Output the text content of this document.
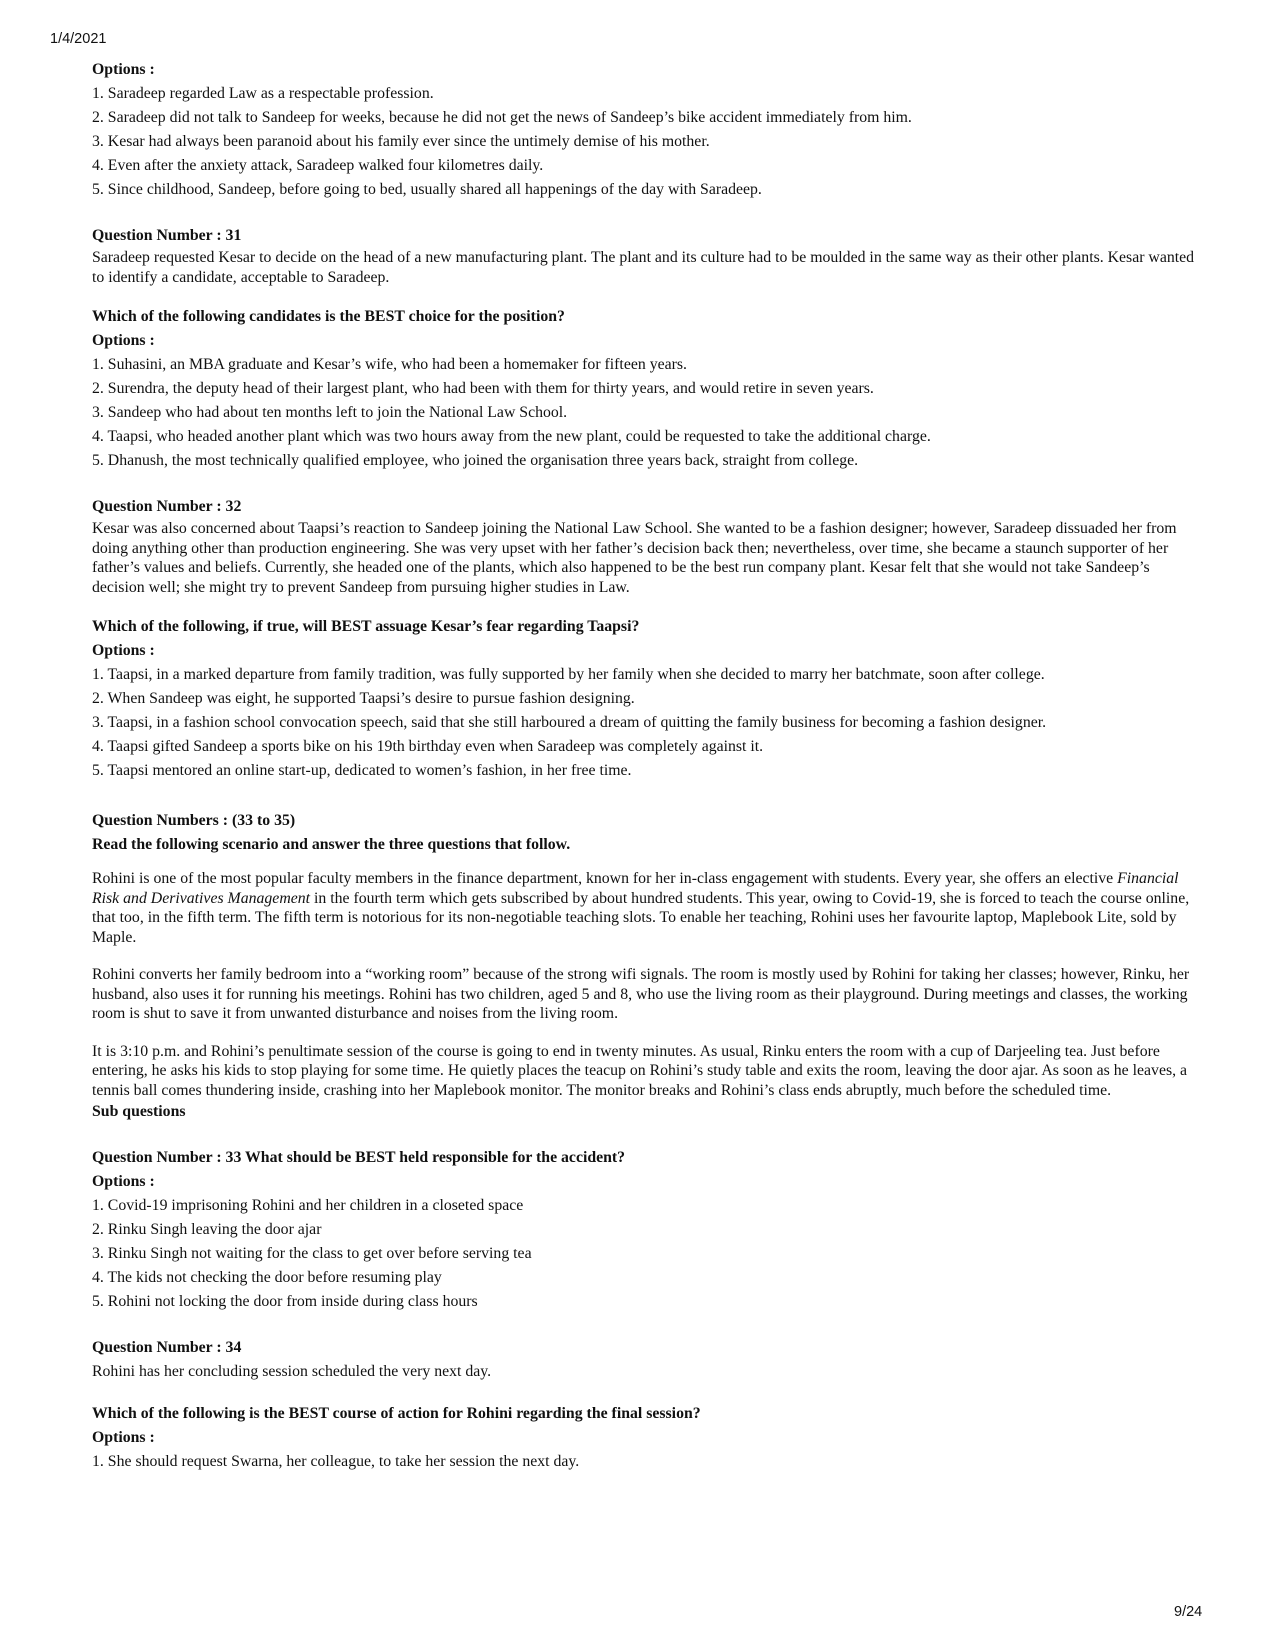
1/4/2021
Options :
1. Saradeep regarded Law as a respectable profession.
2. Saradeep did not talk to Sandeep for weeks, because he did not get the news of Sandeep’s bike accident immediately from him.
3. Kesar had always been paranoid about his family ever since the untimely demise of his mother.
4. Even after the anxiety attack, Saradeep walked four kilometres daily.
5. Since childhood, Sandeep, before going to bed, usually shared all happenings of the day with Saradeep.
Question Number : 31

Saradeep requested Kesar to decide on the head of a new manufacturing plant. The plant and its culture had to be moulded in the same way as their other plants. Kesar wanted to identify a candidate, acceptable to Saradeep.

Which of the following candidates is the BEST choice for the position?
Options :
1. Suhasini, an MBA graduate and Kesar’s wife, who had been a homemaker for fifteen years.
2. Surendra, the deputy head of their largest plant, who had been with them for thirty years, and would retire in seven years.
3. Sandeep who had about ten months left to join the National Law School.
4. Taapsi, who headed another plant which was two hours away from the new plant, could be requested to take the additional charge.
5. Dhanush, the most technically qualified employee, who joined the organisation three years back, straight from college.
Question Number : 32

Kesar was also concerned about Taapsi’s reaction to Sandeep joining the National Law School. She wanted to be a fashion designer; however, Saradeep dissuaded her from doing anything other than production engineering. She was very upset with her father’s decision back then; nevertheless, over time, she became a staunch supporter of her father’s values and beliefs. Currently, she headed one of the plants, which also happened to be the best run company plant. Kesar felt that she would not take Sandeep’s decision well; she might try to prevent Sandeep from pursuing higher studies in Law.

Which of the following, if true, will BEST assuage Kesar’s fear regarding Taapsi?
Options :
1. Taapsi, in a marked departure from family tradition, was fully supported by her family when she decided to marry her batchmate, soon after college.
2. When Sandeep was eight, he supported Taapsi’s desire to pursue fashion designing.
3. Taapsi, in a fashion school convocation speech, said that she still harboured a dream of quitting the family business for becoming a fashion designer.
4. Taapsi gifted Sandeep a sports bike on his 19th birthday even when Saradeep was completely against it.
5. Taapsi mentored an online start-up, dedicated to women’s fashion, in her free time.
Question Numbers : (33 to 35)
Read the following scenario and answer the three questions that follow.

Rohini is one of the most popular faculty members in the finance department, known for her in-class engagement with students. Every year, she offers an elective Financial Risk and Derivatives Management in the fourth term which gets subscribed by about hundred students. This year, owing to Covid-19, she is forced to teach the course online, that too, in the fifth term. The fifth term is notorious for its non-negotiable teaching slots. To enable her teaching, Rohini uses her favourite laptop, Maplebook Lite, sold by Maple.

Rohini converts her family bedroom into a “working room” because of the strong wifi signals. The room is mostly used by Rohini for taking her classes; however, Rinku, her husband, also uses it for running his meetings. Rohini has two children, aged 5 and 8, who use the living room as their playground. During meetings and classes, the working room is shut to save it from unwanted disturbance and noises from the living room.

It is 3:10 p.m. and Rohini’s penultimate session of the course is going to end in twenty minutes. As usual, Rinku enters the room with a cup of Darjeeling tea. Just before entering, he asks his kids to stop playing for some time. He quietly places the teacup on Rohini’s study table and exits the room, leaving the door ajar. As soon as he leaves, a tennis ball comes thundering inside, crashing into her Maplebook monitor. The monitor breaks and Rohini’s class ends abruptly, much before the scheduled time.

Sub questions
Question Number : 33 What should be BEST held responsible for the accident?
Options :
1. Covid-19 imprisoning Rohini and her children in a closeted space
2. Rinku Singh leaving the door ajar
3. Rinku Singh not waiting for the class to get over before serving tea
4. The kids not checking the door before resuming play
5. Rohini not locking the door from inside during class hours
Question Number : 34
Rohini has her concluding session scheduled the very next day.
Which of the following is the BEST course of action for Rohini regarding the final session?
Options :
1. She should request Swarna, her colleague, to take her session the next day.
9/24
